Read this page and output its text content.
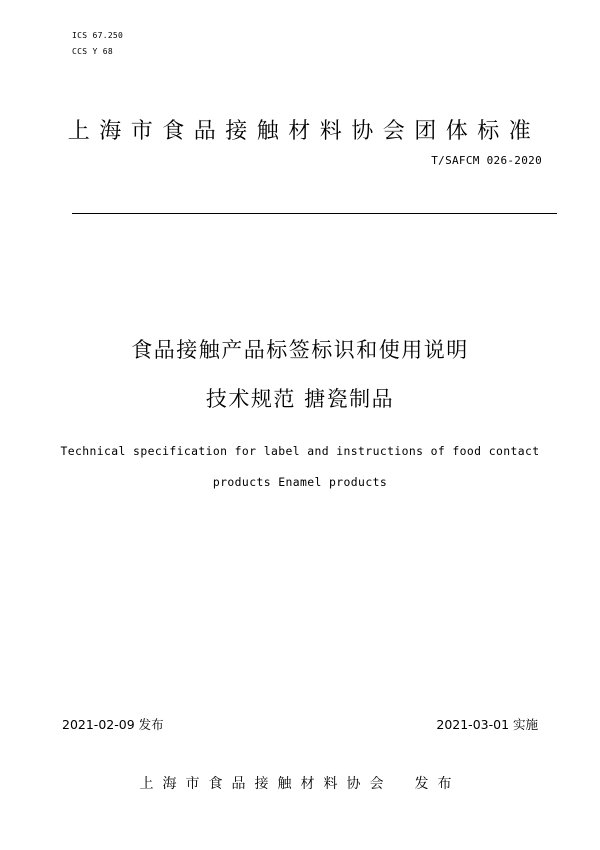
ICS 67.250
CCS Y 68
上海市食品接触材料协会团体标准
T/SAFCM 026-2020
食品接触产品标签标识和使用说明
技术规范 搪瓷制品
Technical specification for label and instructions of food contact
products Enamel products
2021-02-09 发布	2021-03-01 实施
上海市食品接触材料协会 发布
